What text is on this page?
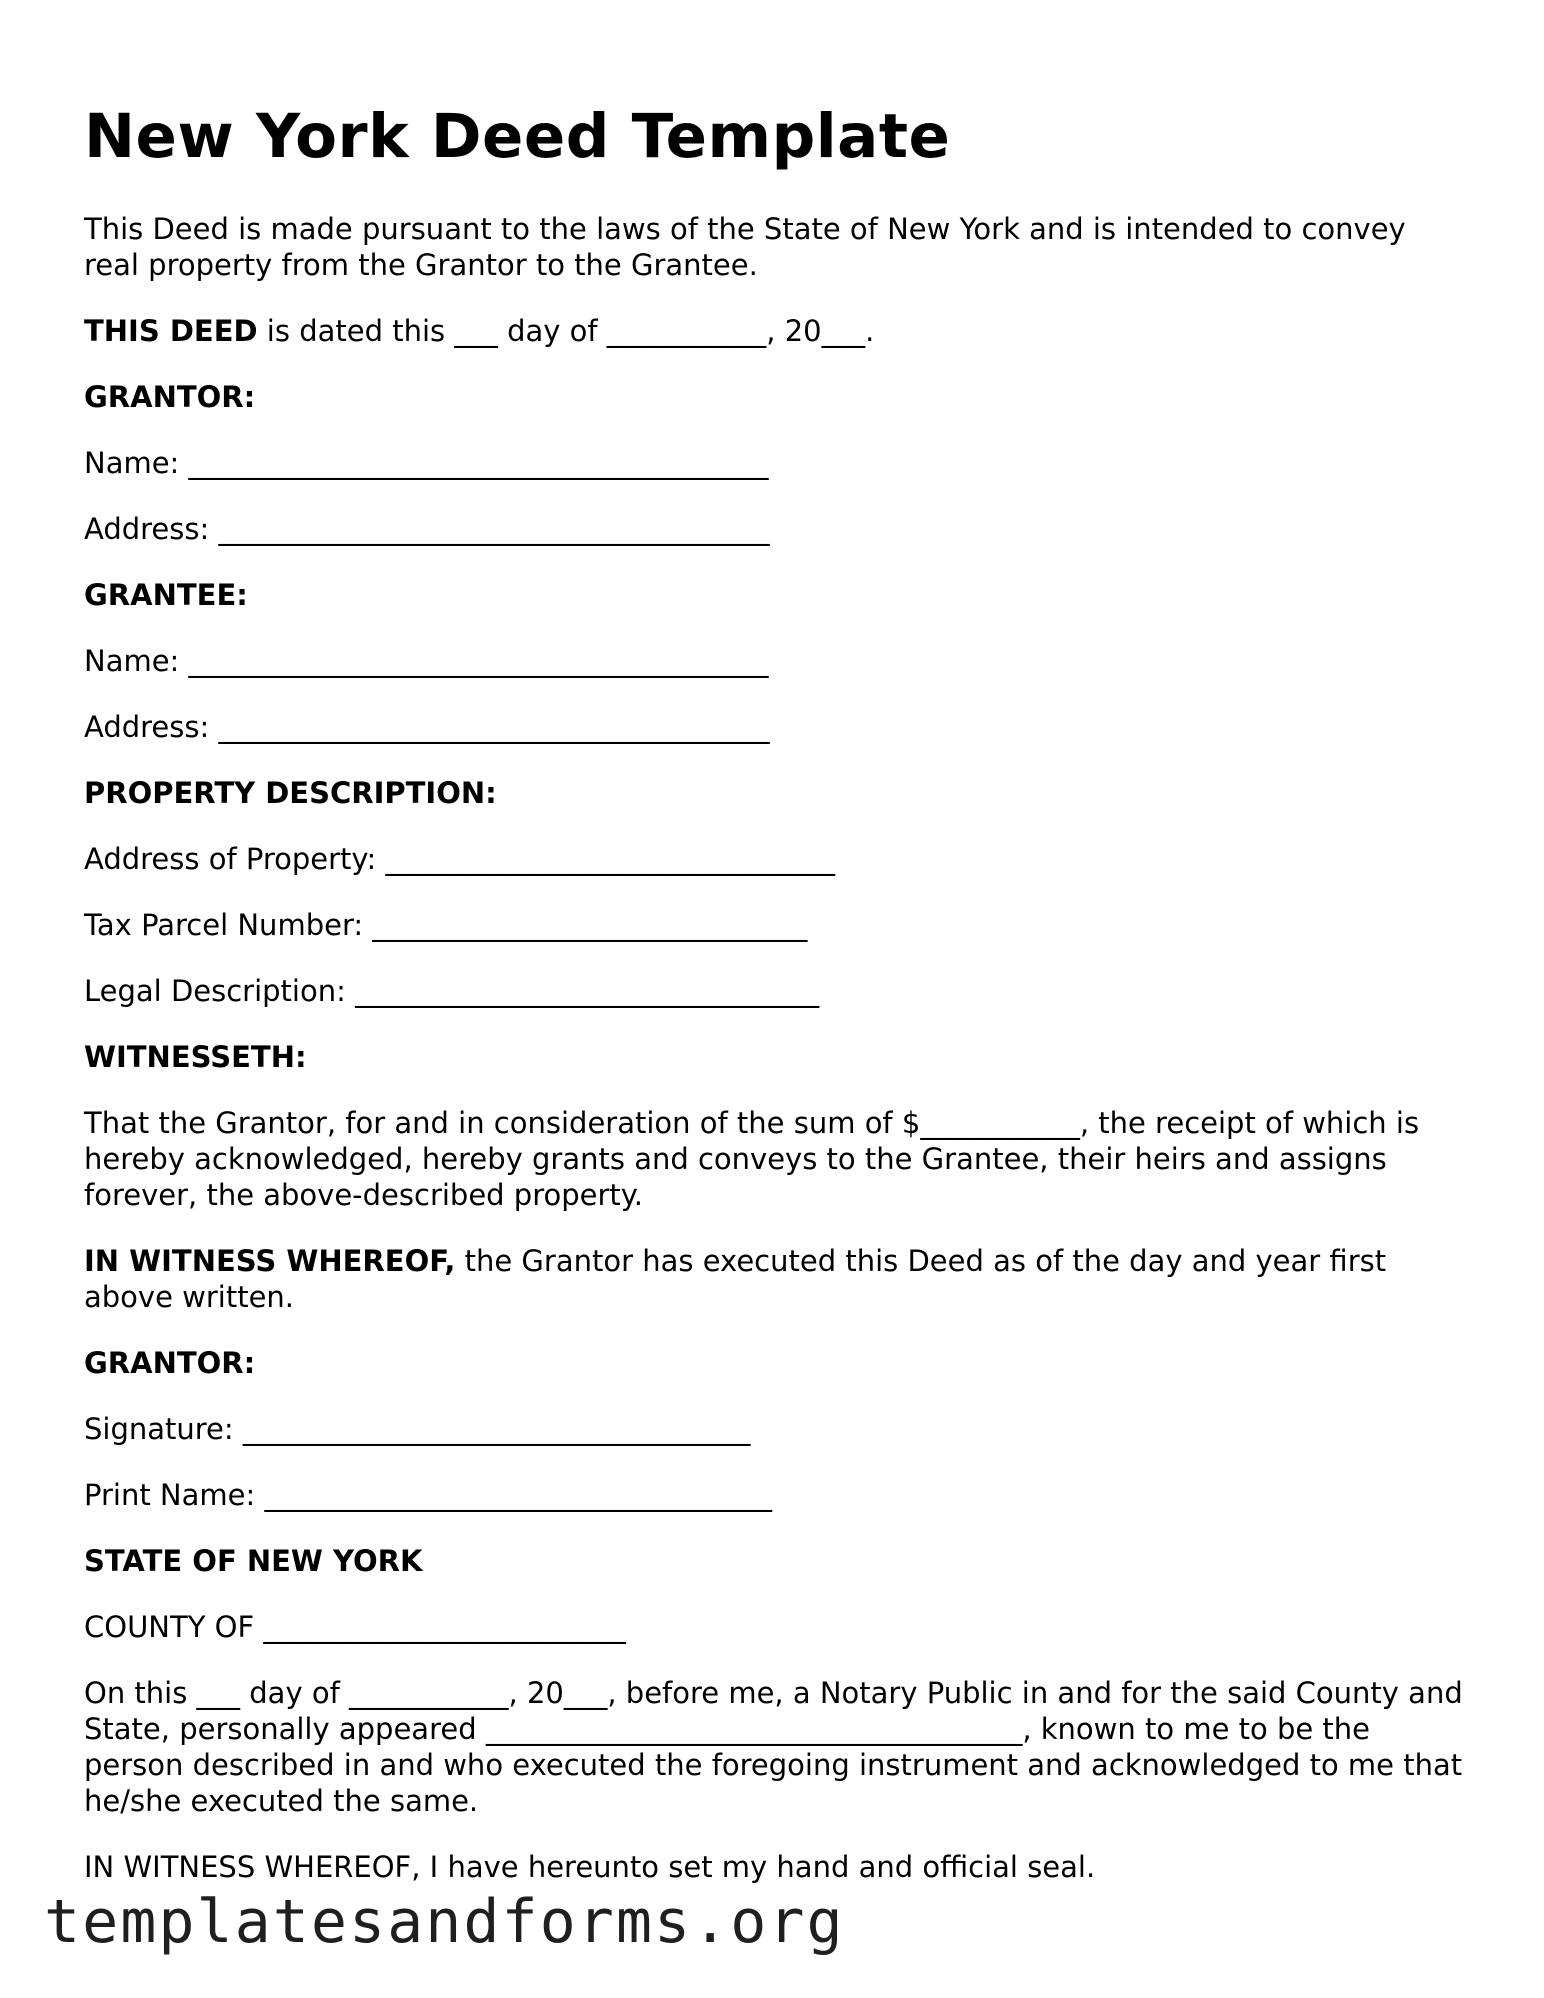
New York Deed Template

This Deed is made pursuant to the laws of the State of New York and is intended to convey real property from the Grantor to the Grantee.

THIS DEED is dated this ___ day of ___________, 20___.

GRANTOR:

Name: ________________________________________

Address: ______________________________________

GRANTEE:

Name: ________________________________________

Address: ______________________________________

PROPERTY DESCRIPTION:

Address of Property: _______________________________

Tax Parcel Number: ______________________________

Legal Description: ________________________________

WITNESSETH:

That the Grantor, for and in consideration of the sum of $___________, the receipt of which is hereby acknowledged, hereby grants and conveys to the Grantee, their heirs and assigns forever, the above-described property.

IN WITNESS WHEREOF, the Grantor has executed this Deed as of the day and year first above written.

GRANTOR:

Signature: ___________________________________

Print Name: ___________________________________

STATE OF NEW YORK

COUNTY OF _________________________

On this ___ day of ___________, 20___, before me, a Notary Public in and for the said County and State, personally appeared _____________________________________, known to me to be the person described in and who executed the foregoing instrument and acknowledged to me that he/she executed the same.

IN WITNESS WHEREOF, I have hereunto set my hand and official seal.

templatesandforms.org
